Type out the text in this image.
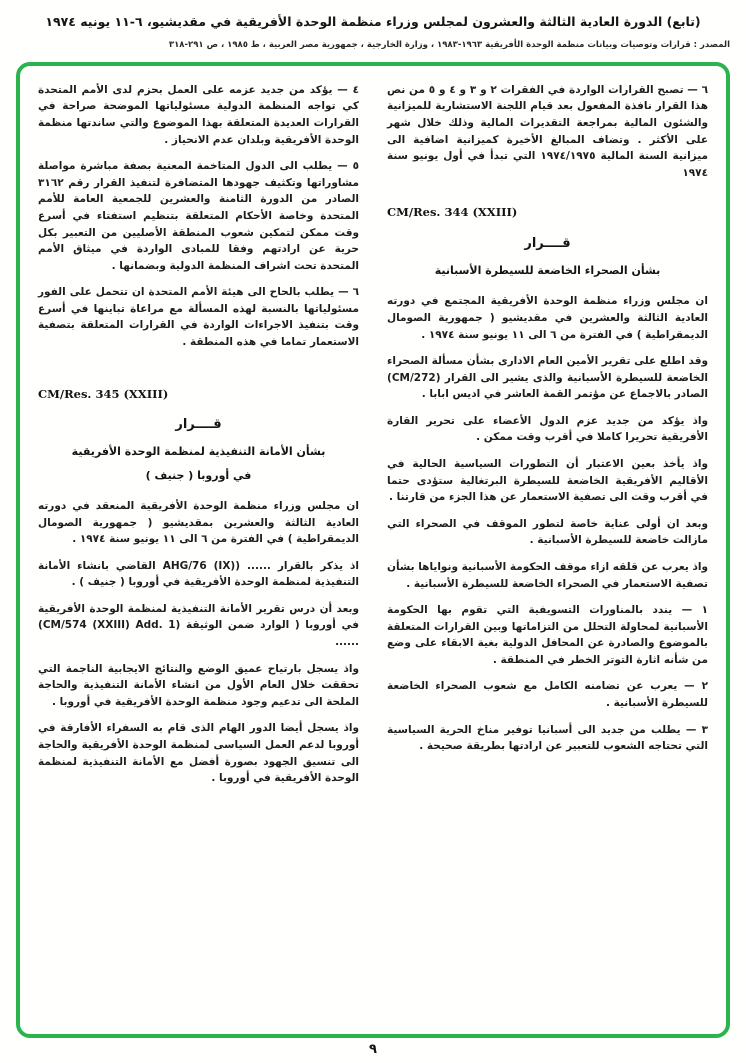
(تابع) الدورة العادية الثالثة والعشرون لمجلس وزراء منظمة الوحدة الأفريقية في مقديشيو، ٦-١١ يونيه ١٩٧٤
المصدر : قرارات وتوصيات وبيانات منظمة الوحدة الأفريقية ١٩٦٣-١٩٨٣ ، وزارة الخارجية ، جمهورية مصر العربية ، ط ١٩٨٥ ، ص ٢٩١-٣١٨

٦ — تصبح القرارات الواردة في الفقرات ٢ و ٣ و ٤ و ٥ من نص هذا القرار نافذة المفعول بعد قيام اللجنة الاستشارية للميزانية والشئون المالية بمراجعة التقديرات المالية وذلك خلال شهر على الأكثر . وتضاف المبالغ الأخيرة كميزانية اضافية الى ميزانية السنة المالية ١٩٧٤/١٩٧٥ التي تبدأ في أول يونيو سنة ١٩٧٤

CM/Res. 344 (XXIII)

قــــرار
بشأن الصحراء الخاضعة للسيطرة الأسبانية

ان مجلس وزراء منظمة الوحدة الأفريقية المجتمع في دورته العادية الثالثة والعشرين في مقديشيو ( جمهورية الصومال الديمقراطية ) في الفترة من ٦ الى ١١ يونيو سنة ١٩٧٤ .

وقد اطلع على تقرير الأمين العام الادارى بشأن مسألة الصحراء الخاضعة للسيطرة الأسبانية والذى يشير الى القرار (CM/272) الصادر بالاجماع عن مؤتمر القمة العاشر في اديس ابابا .

واذ يؤكد من جديد عزم الدول الأعضاء على تحرير القارة الأفريقية تحريرا كاملا في أقرب وقت ممكن .

واذ يأخذ بعين الاعتبار أن التطورات السياسية الحالية في الأقاليم الأفريقية الخاضعة للسيطرة البرتغالية ستؤدى حتما في أقرب وقت الى تصفية الاستعمار عن هذا الجزء من قارتنا .

وبعد ان أولى عناية خاصة لتطور الموقف في الصحراء التي مازالت خاضعة للسيطرة الأسبانية .

واذ يعرب عن قلقه ازاء موقف الحكومة الأسبانية ونواياها بشأن تصفية الاستعمار في الصحراء الخاضعة للسيطرة الأسبانية .

١ — يندد بالمناورات التسويفية التي تقوم بها الحكومة الأسبانية لمحاولة التحلل من التزاماتها وبين القرارات المتعلقة بالموضوع والصادرة عن المحافل الدولية بغية الابقاء على وضع من شأنه اثارة التوتر الخطر في المنطقة .

٢ — يعرب عن تضامنه الكامل مع شعوب الصحراء الخاضعة للسيطرة الأسبانية .

٣ — يطلب من جديد الى أسبانيا توفير مناخ الحرية السياسية التي تحتاجه الشعوب للتعبير عن ارادتها بطريقة صحيحة .

٤ — يؤكد من جديد عزمه على العمل بحزم لدى الأمم المتحدة كي تواجه المنظمة الدولية مسئولياتها الموضحة صراحة في القرارات العديدة المتعلقة بهذا الموضوع والتي ساندتها منظمة الوحدة الأفريقية وبلدان عدم الانحياز .

٥ — يطلب الى الدول المتاخمة المعنية بصفة مباشرة مواصلة مشاوراتها وتكثيف جهودها المتضافرة لتنفيذ القرار رقم ٣١٦٢ الصادر من الدورة الثامنة والعشرين للجمعية العامة للأمم المتحدة وخاصة الأحكام المتعلقة بتنظيم استفتاء في أسرع وقت ممكن لتمكين شعوب المنطقة الأصليين من التعبير بكل حرية عن ارادتهم وفقا للمبادى الواردة في ميثاق الأمم المتحدة تحت اشراف المنظمة الدولية وبضمانها .

٦ — يطلب بالحاح الى هيئة الأمم المتحدة ان تتحمل على الفور مسئولياتها بالنسبة لهذه المسألة مع مراعاة تباينها في أسرع وقت بتنفيذ الاجراءات الواردة في القرارات المتعلقة بتصفية الاستعمار تماما في هذه المنطقة .

CM/Res. 345 (XXIII)

قــــرار
بشأن الأمانة التنفيذية لمنظمة الوحدة الأفريقية
في أوروبا ( جنيف )

ان مجلس وزراء منظمة الوحدة الأفريقية المنعقد في دورته العادية الثالثة والعشرين بمقديشيو ( جمهورية الصومال الديمقراطية ) في الفترة من ٦ الى ١١ يونيو سنة ١٩٧٤ .

اذ يذكر بالقرار ...... (AHG/76 (IX) القاضي بانشاء الأمانة التنفيذية لمنظمة الوحدة الأفريقية في أوروبا ( جنيف ) .

وبعد أن درس تقرير الأمانة التنفيذية لمنظمة الوحدة الأفريقية في أوروبا ( الوارد ضمن الوثيقة (CM/574 (XXIII) Add. 1) ......

واذ يسجل بارتياح عميق الوضع والنتائج الايجابية الناجمة التي تحققت خلال العام الأول من انشاء الأمانة التنفيذية والحاجة الملحة الى تدعيم وجود منظمة الوحدة الأفريقية في أوروبا .

واذ يسجل أيضا الدور الهام الذى قام به السفراء الأفارقة في أوروبا لدعم العمل السياسى لمنظمة الوحدة الأفريقية والحاجة الى تنسيق الجهود بصورة أفضل مع الأمانة التنفيذية لمنظمة الوحدة الأفريقية في أوروبا .

٩
